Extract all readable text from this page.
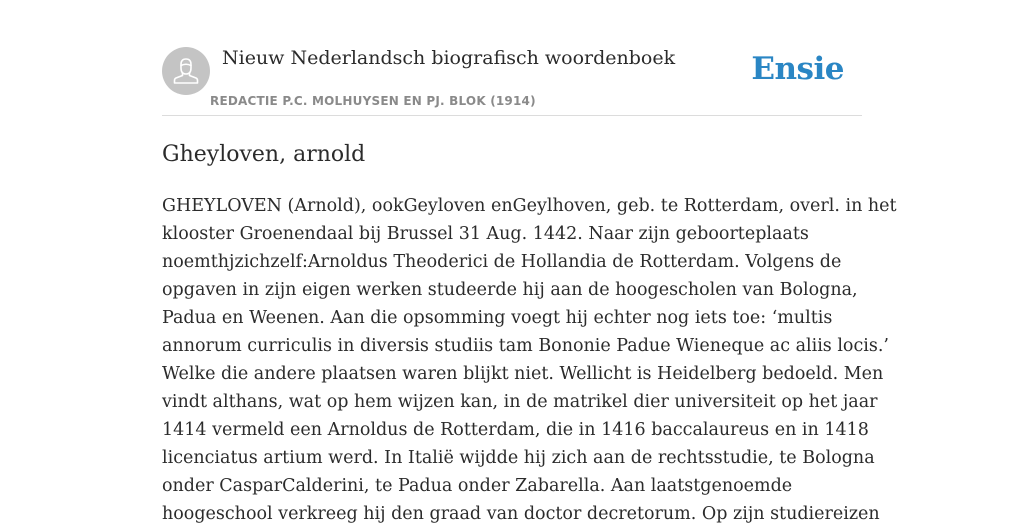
Nieuw Nederlandsch biografisch woordenboek
REDACTIE P.C. MOLHUYSEN EN PJ. BLOK (1914)
Ensie
Gheyloven, arnold
GHEYLOVEN (Arnold), ookGeyloven enGeylhoven, geb. te Rotterdam, overl. in het
klooster Groenendaal bij Brussel 31 Aug. 1442. Naar zijn geboorteplaats
noemthjzichzelf:Arnoldus Theoderici de Hollandia de Rotterdam. Volgens de
opgaven in zijn eigen werken studeerde hij aan de hoogescholen van Bologna,
Padua en Weenen. Aan die opsomming voegt hij echter nog iets toe: ‘multis
annorum curriculis in diversis studiis tam Bononie Padue Wieneque ac aliis locis.’
Welke die andere plaatsen waren blijkt niet. Wellicht is Heidelberg bedoeld. Men
vindt althans, wat op hem wijzen kan, in de matrikel dier universiteit op het jaar
1414 vermeld een Arnoldus de Rotterdam, die in 1416 baccalaureus en in 1418
licenciatus artium werd. In Italië wijdde hij zich aan de rechtsstudie, te Bologna
onder CasparCalderini, te Padua onder Zabarella. Aan laatstgenoemde
hoogeschool verkreeg hij den graad van doctor decretorum. Op zijn studiereizen
